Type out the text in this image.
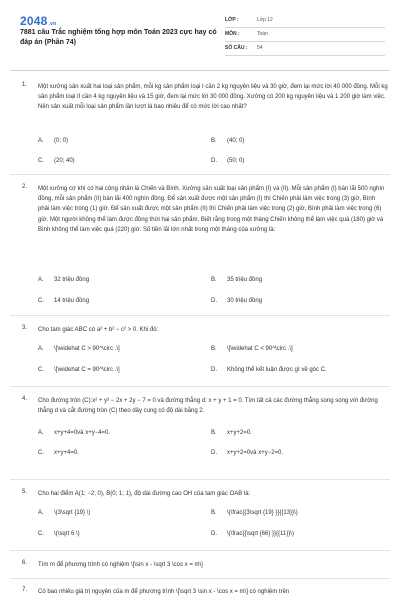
2048.vn
7881 câu Trắc nghiệm tổng hợp môn Toán 2023 cực hay có đáp án (Phần 74)
LỚP :	Lớp 12
MÔN :	Toán
SỐ CÂU : 54
1. Một xưởng sản xuất hai loại sản phẩm, mỗi kg sản phẩm loại I cần 2 kg nguyên liệu và 30 giờ, đem lại mức lời 40 000 đồng. Mỗi kg sản phẩm loại II cần 4 kg nguyên liệu và 15 giờ, đem lại mức lời 30 000 đồng. Xưởng có 200 kg nguyên liệu và 1 200 giờ làm việc. Nên sản xuất mỗi loại sản phẩm lần lượt là bao nhiêu để có mức lời cao nhất?
A. (0; 0)	B. (40; 0)
C. (20; 40)	D. (50; 0)
2. Một xưởng cơ khí có hai công nhân là Chiến và Bình. Xưởng sản xuất loại sản phẩm (I) và (II). Mỗi sản phẩm (I) bán lãi 500 nghìn đồng, mỗi sản phẩm (II) bán lãi 400 nghìn đồng. Để sản xuất được một sản phẩm (I) thì Chiến phải làm việc trong (3) giờ, Bình phải làm việc trong (1) giờ. Để sản xuất được một sản phẩm (II) thì Chiến phải làm việc trong (2) giờ, Bình phải làm việc trong (6) giờ. Một người không thể làm được đồng thời hai sản phẩm. Biết rằng trong một tháng Chiến không thể làm việc quá (180) giờ và Bình không thể làm việc quá (220) giờ. Số tiền lãi lớn nhất trong một tháng của xưởng là:
A. 32 triệu đồng	B. 35 triệu đồng
C. 14 triệu đồng	D. 30 triệu đồng
3. Cho tam giác ABC có a² + b² − c² > 0. Khi đó:
A. \[\widehat C > 90^\circ .\]	B. \[\widehat C < 90^\circ .\]
C. \[\widehat C = 90^\circ .\]	D. Không thể kết luận được gì về góc C.
4. Cho đường tròn (C):x² + y² − 2x + 2y − 7 = 0 và đường thẳng d: x + y + 1 = 0. Tìm tất cả các đường thẳng song song với đường thẳng d và cắt đường tròn (C) theo dây cung có độ dài bằng 2.
A. x+y+4=0và x+y−4=0.	B. x+y+2=0.
C. x+y+4=0.	D. x+y+2=0và x+y−2=0.
5. Cho hai điểm A(1; −2; 0), B(0; 1; 1), độ dài đường cao OH của tam giác OAB là:
A. \(3\sqrt {19} \)	B. \(\frac{{3\sqrt {19} }}{{13}}\)
C. \(\sqrt 6 \)	D. \(\frac{{\sqrt {66} }}{{11}}\)
6. Tìm m để phương trình có nghiệm \[\sin x - \sqrt 3 \cos x = m\]
7. Có bao nhiêu giá trị nguyên của m để phương trình \[\sqrt 3 \sin x - \cos x = m\] có nghiệm trên
